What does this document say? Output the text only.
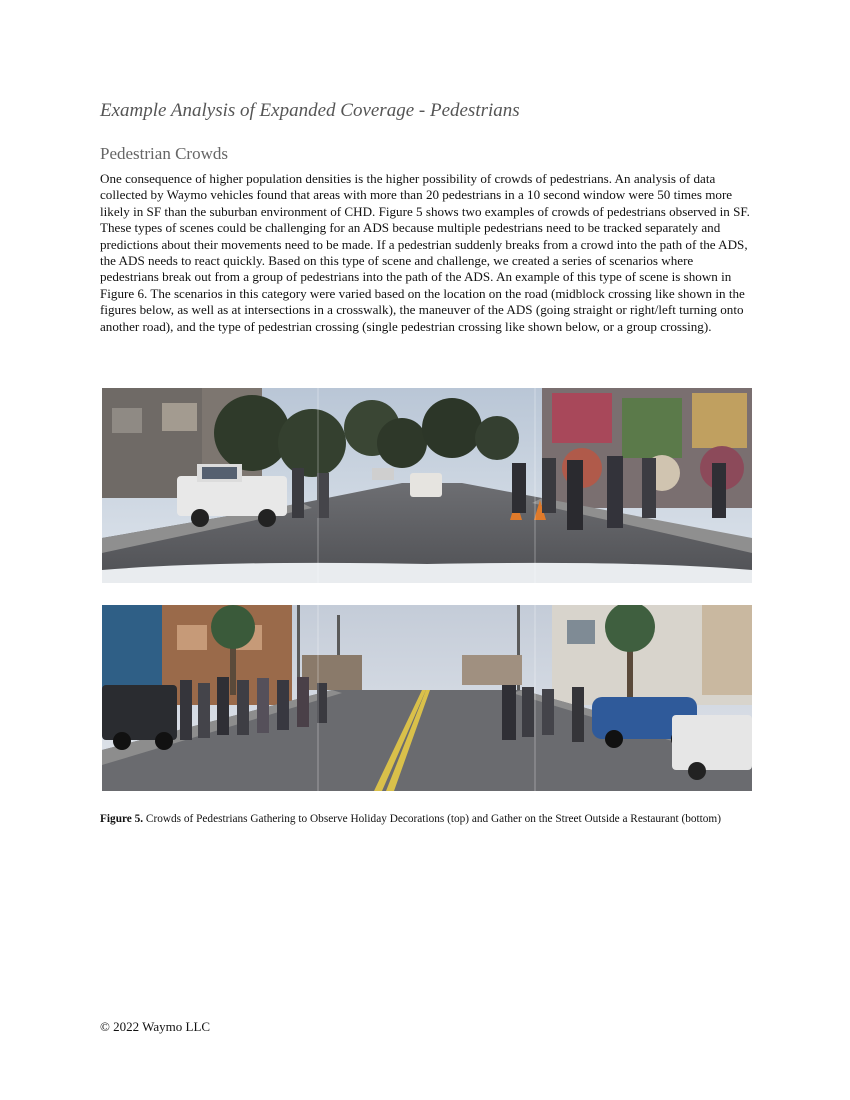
Example Analysis of Expanded Coverage - Pedestrians
Pedestrian Crowds

One consequence of higher population densities is the higher possibility of crowds of pedestrians. An analysis of data collected by Waymo vehicles found that areas with more than 20 pedestrians in a 10 second window were 50 times more likely in SF than the suburban environment of CHD. Figure 5 shows two examples of crowds of pedestrians observed in SF. These types of scenes could be challenging for an ADS because multiple pedestrians need to be tracked separately and predictions about their movements need to be made. If a pedestrian suddenly breaks from a crowd into the path of the ADS, the ADS needs to react quickly. Based on this type of scene and challenge, we created a series of scenarios where pedestrians break out from a group of pedestrians into the path of the ADS. An example of this type of scene is shown in Figure 6. The scenarios in this category were varied based on the location on the road (midblock crossing like shown in the figures below, as well as at intersections in a crosswalk), the maneuver of the ADS (going straight or right/left turning onto another road), and the type of pedestrian crossing (single pedestrian crossing like shown below, or a group crossing).

Figure 5. Crowds of Pedestrians Gathering to Observe Holiday Decorations (top) and Gather on the Street Outside a Restaurant (bottom)

© 2022 Waymo LLC
